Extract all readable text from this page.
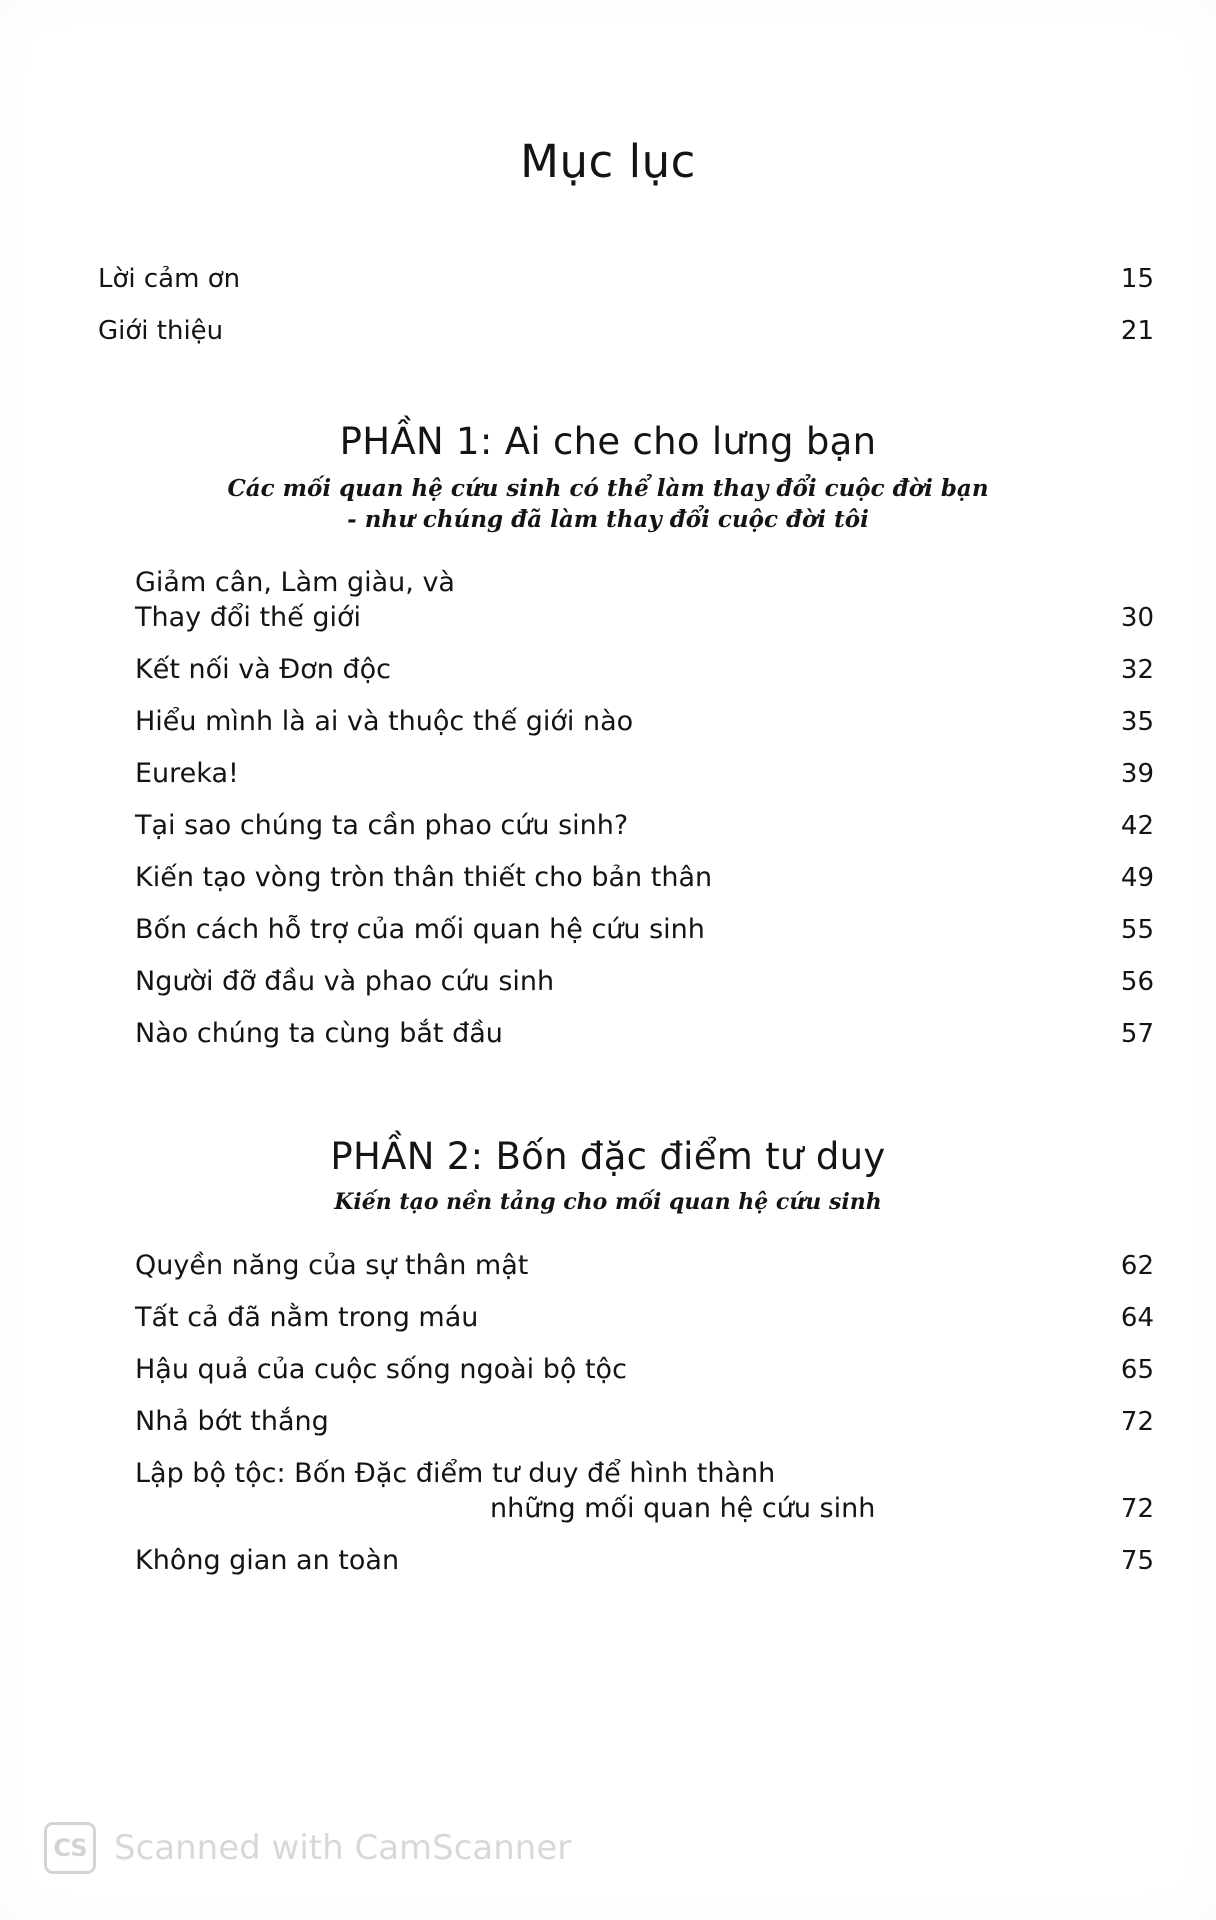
Mục lục
Lời cảm ơn	15
Giới thiệu	21
PHẦN 1: Ai che cho lưng bạn
Các mối quan hệ cứu sinh có thể làm thay đổi cuộc đời bạn
- như chúng đã làm thay đổi cuộc đời tôi
Giảm cân, Làm giàu, và
Thay đổi thế giới	30
Kết nối và Đơn độc	32
Hiểu mình là ai và thuộc thế giới nào	35
Eureka!	39
Tại sao chúng ta cần phao cứu sinh?	42
Kiến tạo vòng tròn thân thiết cho bản thân	49
Bốn cách hỗ trợ của mối quan hệ cứu sinh	55
Người đỡ đầu và phao cứu sinh	56
Nào chúng ta cùng bắt đầu	57
PHẦN 2: Bốn đặc điểm tư duy
Kiến tạo nền tảng cho mối quan hệ cứu sinh
Quyền năng của sự thân mật	62
Tất cả đã nằm trong máu	64
Hậu quả của cuộc sống ngoài bộ tộc	65
Nhả bớt thắng	72
Lập bộ tộc: Bốn Đặc điểm tư duy để hình thành
những mối quan hệ cứu sinh	72
Không gian an toàn	75
CS Scanned with CamScanner
